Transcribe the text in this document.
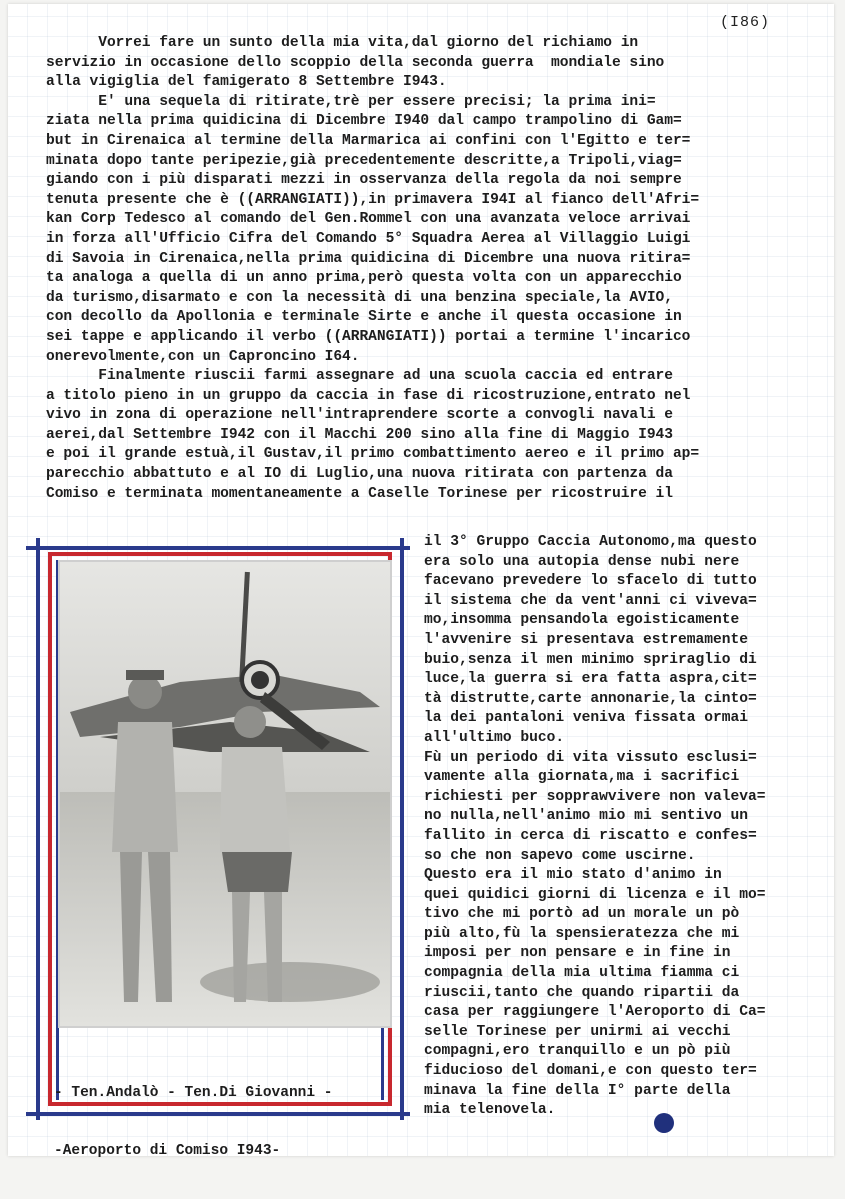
(I86)
Vorrei fare un sunto della mia vita,dal giorno del richiamo in
servizio in occasione dello scoppio della seconda guerra  mondiale sino
alla vigiglia del famigerato 8 Settembre I943.
E' una sequela di ritirate,trè per essere precisi; la prima ini=
ziata nella prima quidicina di Dicembre I940 dal campo trampolino di Gam=
but in Cirenaica al termine della Marmarica ai confini con l'Egitto e ter=
minata dopo tante peripezie,già precedentemente descritte,a Tripoli,viag=
giando con i più disparati mezzi in osservanza della regola da noi sempre
tenuta presente che è ((ARRANGIATI)),in primavera I94I al fianco dell'Afri=
kan Corp Tedesco al comando del Gen.Rommel con una avanzata veloce arrivai
in forza all'Ufficio Cifra del Comando 5° Squadra Aerea al Villaggio Luigi
di Savoia in Cirenaica,nella prima quidicina di Dicembre una nuova ritira=
ta analoga a quella di un anno prima,però questa volta con un apparecchio
da turismo,disarmato e con la necessità di una benzina speciale,la AVIO,
con decollo da Apollonia e terminale Sirte e anche il questa occasione in
sei tappe e applicando il verbo ((ARRANGIATI)) portai a termine l'incarico
onerevolmente,con un Caproncino I64.
Finalmente riuscii farmi assegnare ad una scuola caccia ed entrare
a titolo pieno in un gruppo da caccia in fase di ricostruzione,entrato nel
vivo in zona di operazione nell'intraprendere scorte a convogli navali e
aerei,dal Settembre I942 con il Macchi 200 sino alla fine di Maggio I943
e poi il grande estuà,il Gustav,il primo combattimento aereo e il primo ap=
parecchio abbattuto e al IO di Luglio,una nuova ritirata con partenza da
Comiso e terminata momentaneamente a Caselle Torinese per ricostruire il
il 3° Gruppo Caccia Autonomo,ma questo
era solo una autopia dense nubi nere
facevano prevedere lo sfacelo di tutto
il sistema che da vent'anni ci viveva=
mo,insomma pensandola egoisticamente
l'avvenire si presentava estremamente
buio,senza il men minimo spriraglio di
luce,la guerra si era fatta aspra,cit=
tà distrutte,carte annonarie,la cinto=
la dei pantaloni veniva fissata ormai
all'ultimo buco.
Fù un periodo di vita vissuto esclusi=
vamente alla giornata,ma i sacrifici
richiesti per sopprawvivere non valeva=
no nulla,nell'animo mio mi sentivo un
fallito in cerca di riscatto e confes=
so che non sapevo come uscirne.
Questo era il mio stato d'animo in
quei quidici giorni di licenza e il mo=
tivo che mi portò ad un morale un pò
più alto,fù la spensieratezza che mi
imposi per non pensare e in fine in
compagnia della mia ultima fiamma ci
riuscii,tanto che quando ripartii da
casa per raggiungere l'Aeroporto di Ca=
selle Torinese per unirmi ai vecchi
compagni,ero tranquillo e un pò più
fiducioso del domani,e con questo ter=
minava la fine della I° parte della
mia telenovela.

- Ten.Andalò - Ten.Di Giovanni -

-Aeroporto di Comiso I943-
